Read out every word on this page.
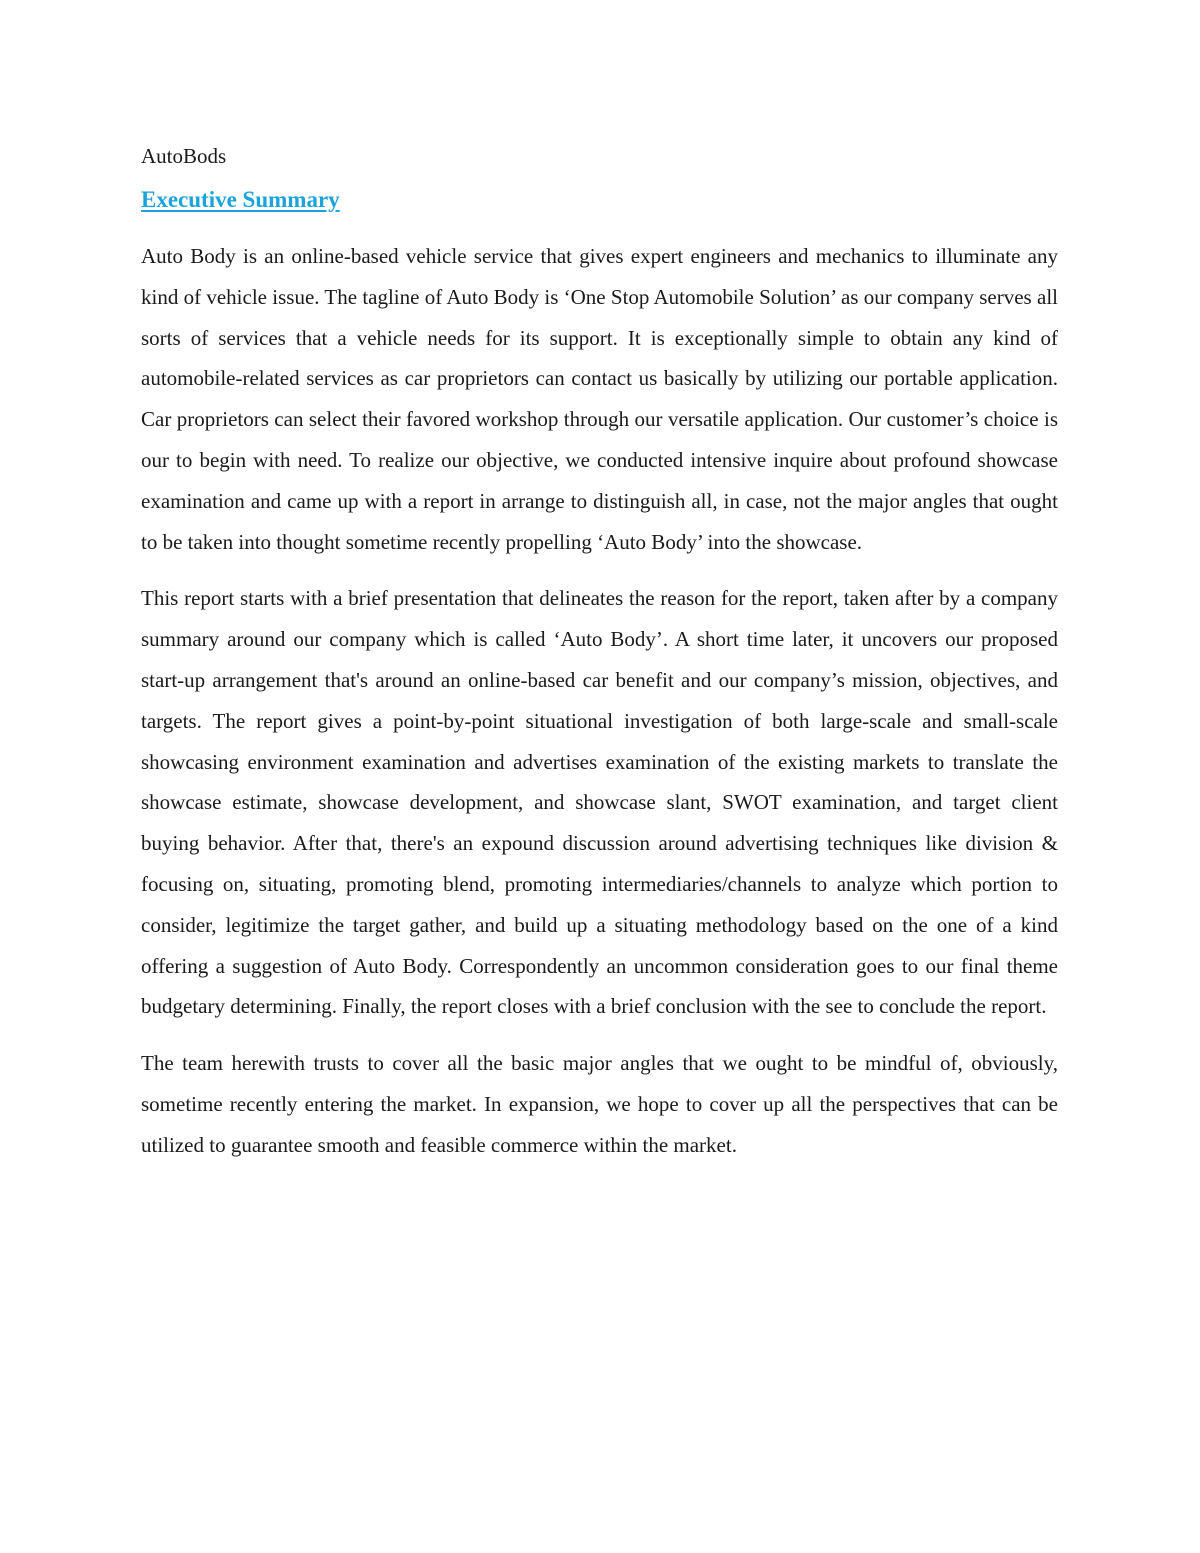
AutoBods

Executive Summary

Auto Body is an online-based vehicle service that gives expert engineers and mechanics to illuminate any kind of vehicle issue. The tagline of Auto Body is ‘One Stop Automobile Solution’ as our company serves all sorts of services that a vehicle needs for its support. It is exceptionally simple to obtain any kind of automobile-related services as car proprietors can contact us basically by utilizing our portable application. Car proprietors can select their favored workshop through our versatile application. Our customer’s choice is our to begin with need. To realize our objective, we conducted intensive inquire about profound showcase examination and came up with a report in arrange to distinguish all, in case, not the major angles that ought to be taken into thought sometime recently propelling ‘Auto Body’ into the showcase.

This report starts with a brief presentation that delineates the reason for the report, taken after by a company summary around our company which is called ‘Auto Body’. A short time later, it uncovers our proposed start-up arrangement that's around an online-based car benefit and our company’s mission, objectives, and targets. The report gives a point-by-point situational investigation of both large-scale and small-scale showcasing environment examination and advertises examination of the existing markets to translate the showcase estimate, showcase development, and showcase slant, SWOT examination, and target client buying behavior. After that, there's an expound discussion around advertising techniques like division & focusing on, situating, promoting blend, promoting intermediaries/channels to analyze which portion to consider, legitimize the target gather, and build up a situating methodology based on the one of a kind offering a suggestion of Auto Body. Correspondently an uncommon consideration goes to our final theme budgetary determining. Finally, the report closes with a brief conclusion with the see to conclude the report.

The team herewith trusts to cover all the basic major angles that we ought to be mindful of, obviously, sometime recently entering the market. In expansion, we hope to cover up all the perspectives that can be utilized to guarantee smooth and feasible commerce within the market.
